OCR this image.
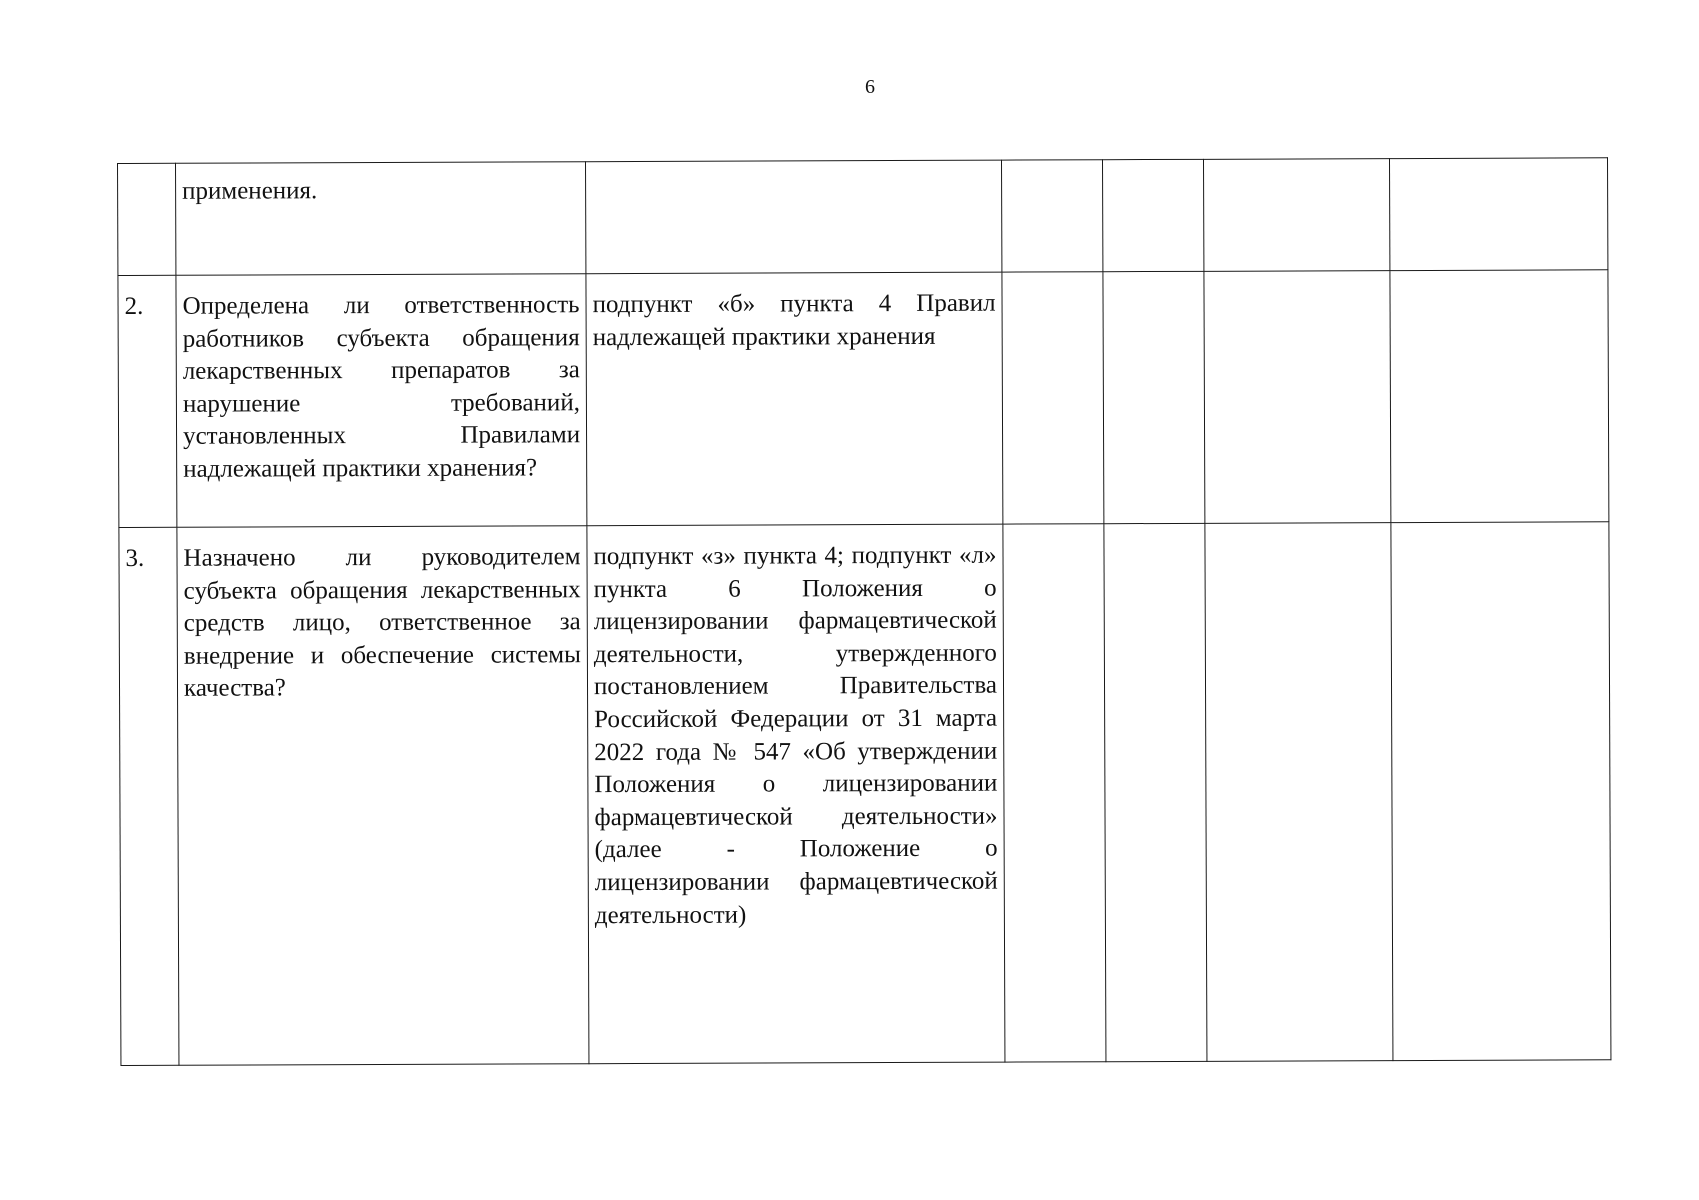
6
	применения.					
2.	Определена ли ответственность работников субъекта обращения лекарственных препаратов за нарушение требований, установленных Правилами надлежащей практики хранения?	подпункт «б» пункта 4 Правил надлежащей практики хранения				
3.	Назначено ли руководителем субъекта обращения лекарственных средств лицо, ответственное за внедрение и обеспечение системы качества?	подпункт «з» пункта 4; подпункт «л» пункта 6 Положения о лицензировании фармацевтической деятельности, утвержденного постановлением Правительства Российской Федерации от 31 марта 2022 года № 547 «Об утверждении Положения о лицензировании фармацевтической деятельности» (далее - Положение о лицензировании фармацевтической деятельности)				
